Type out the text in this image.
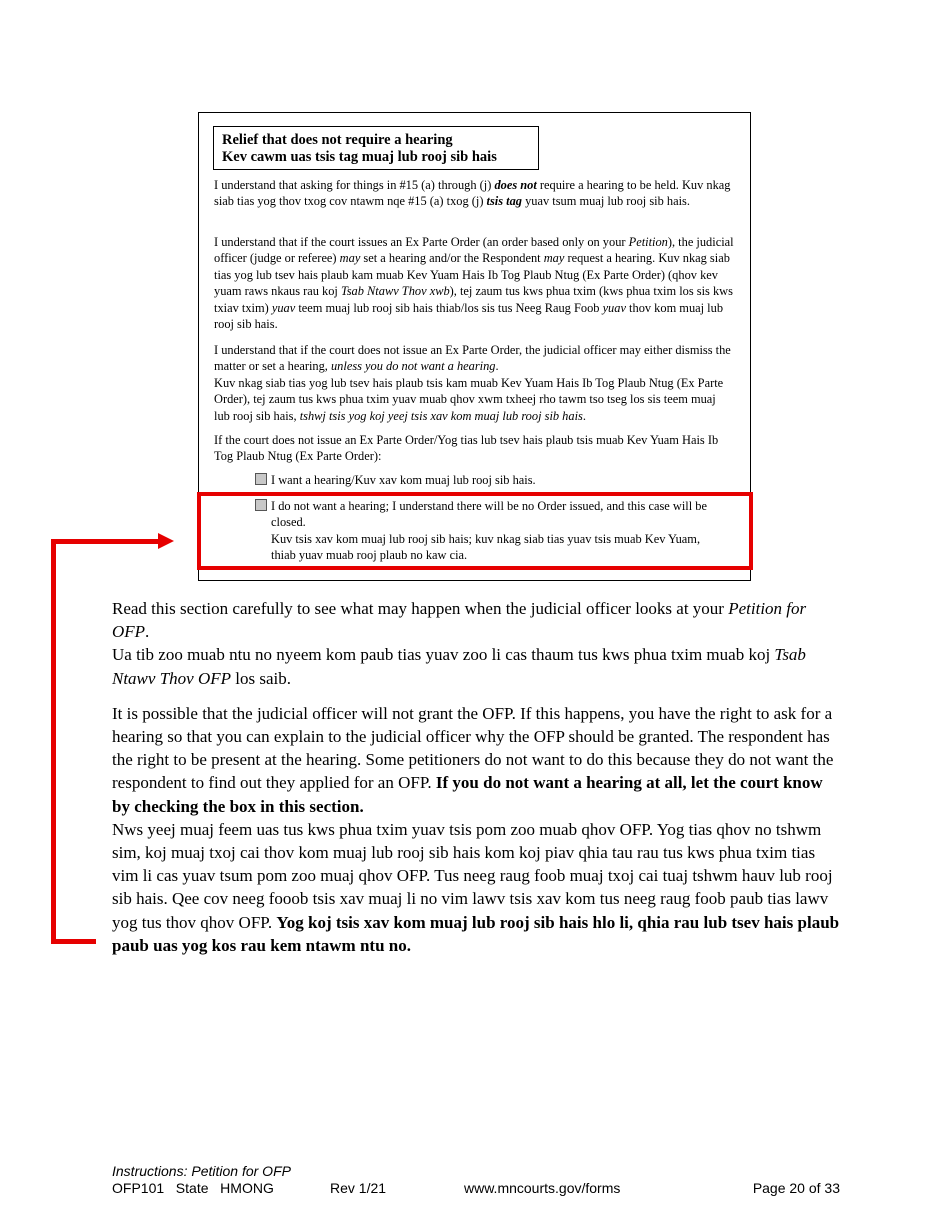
Relief that does not require a hearing
Kev cawm uas tsis tag muaj lub rooj sib hais

I understand that asking for things in #15 (a) through (j) does not require a hearing to be held. Kuv nkag siab tias yog thov txog cov ntawm nqe #15 (a) txog (j) tsis tag yuav tsum muaj lub rooj sib hais.

I understand that if the court issues an Ex Parte Order (an order based only on your Petition), the judicial officer (judge or referee) may set a hearing and/or the Respondent may request a hearing. Kuv nkag siab tias yog lub tsev hais plaub kam muab Kev Yuam Hais Ib Tog Plaub Ntug (Ex Parte Order) (qhov kev yuam raws nkaus rau koj Tsab Ntawv Thov xwb), tej zaum tus kws phua txim (kws phua txim los sis kws txiav txim) yuav teem muaj lub rooj sib hais thiab/los sis tus Neeg Raug Foob yuav thov kom muaj lub rooj sib hais.

I understand that if the court does not issue an Ex Parte Order, the judicial officer may either dismiss the matter or set a hearing, unless you do not want a hearing.

Kuv nkag siab tias yog lub tsev hais plaub tsis kam muab Kev Yuam Hais Ib Tog Plaub Ntug (Ex Parte Order), tej zaum tus kws phua txim yuav muab qhov xwm txheej rho tawm tso tseg los sis teem muaj lub rooj sib hais, tshwj tsis yog koj yeej tsis xav kom muaj lub rooj sib hais.

If the court does not issue an Ex Parte Order/Yog tias lub tsev hais plaub tsis muab Kev Yuam Hais Ib Tog Plaub Ntug (Ex Parte Order):

I want a hearing/Kuv xav kom muaj lub rooj sib hais.
I do not want a hearing; I understand there will be no Order issued, and this case will be closed.
Kuv tsis xav kom muaj lub rooj sib hais; kuv nkag siab tias yuav tsis muab Kev Yuam, thiab yuav muab rooj plaub no kaw cia.

Read this section carefully to see what may happen when the judicial officer looks at your Petition for OFP.

Ua tib zoo muab ntu no nyeem kom paub tias yuav zoo li cas thaum tus kws phua txim muab koj Tsab Ntawv Thov OFP los saib.

It is possible that the judicial officer will not grant the OFP. If this happens, you have the right to ask for a hearing so that you can explain to the judicial officer why the OFP should be granted. The respondent has the right to be present at the hearing. Some petitioners do not want to do this because they do not want the respondent to find out they applied for an OFP. If you do not want a hearing at all, let the court know by checking the box in this section.

Nws yeej muaj feem uas tus kws phua txim yuav tsis pom zoo muab qhov OFP. Yog tias qhov no tshwm sim, koj muaj txoj cai thov kom muaj lub rooj sib hais kom koj piav qhia tau rau tus kws phua txim tias vim li cas yuav tsum pom zoo muaj qhov OFP. Tus neeg raug foob muaj txoj cai tuaj tshwm hauv lub rooj sib hais. Qee cov neeg fooob tsis xav muaj li no vim lawv tsis xav kom tus neeg raug foob paub tias lawv yog tus thov qhov OFP. Yog koj tsis xav kom muaj lub rooj sib hais hlo li, qhia rau lub tsev hais plaub paub uas yog kos rau kem ntawm ntu no.

Instructions: Petition for OFP
OFP101   State   HMONG	Rev 1/21	www.mncourts.gov/forms	Page 20 of 33
